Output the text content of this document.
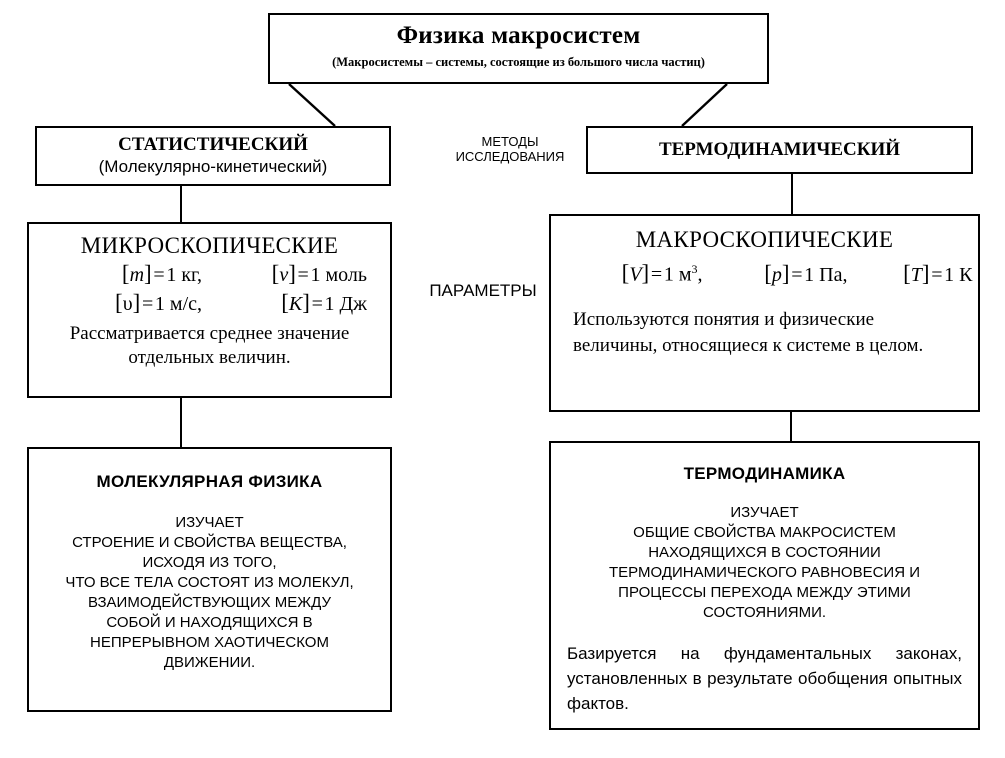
Физика макросистем
(Макросистемы – системы, состоящие из большого числа частиц)
СТАТИСТИЧЕСКИЙ
(Молекулярно-кинетический)
ТЕРМОДИНАМИЧЕСКИЙ
МЕТОДЫ
ИССЛЕДОВАНИЯ
ПАРАМЕТРЫ
МИКРОСКОПИЧЕСКИЕ
[m] = 1 кг,	[ν] = 1 моль
[υ] = 1 м/с,	[K] = 1 Дж
Рассматривается среднее значение
отдельных величин.
МАКРОСКОПИЧЕСКИЕ
[V] = 1 $м^3$,	[p] = 1 Па,	[T] = 1 К
Используются понятия и физические величины, относящиеся к системе в целом.
МОЛЕКУЛЯРНАЯ ФИЗИКА
ИЗУЧАЕТ
СТРОЕНИЕ И СВОЙСТВА ВЕЩЕСТВА,
ИСХОДЯ ИЗ ТОГО,
ЧТО ВСЕ ТЕЛА СОСТОЯТ ИЗ МОЛЕКУЛ,
ВЗАИМОДЕЙСТВУЮЩИХ МЕЖДУ
СОБОЙ И НАХОДЯЩИХСЯ В
НЕПРЕРЫВНОМ ХАОТИЧЕСКОМ
ДВИЖЕНИИ.
ТЕРМОДИНАМИКА
ИЗУЧАЕТ
ОБЩИЕ СВОЙСТВА МАКРОСИСТЕМ
НАХОДЯЩИХСЯ В СОСТОЯНИИ
ТЕРМОДИНАМИЧЕСКОГО РАВНОВЕСИЯ И
ПРОЦЕССЫ ПЕРЕХОДА МЕЖДУ ЭТИМИ
СОСТОЯНИЯМИ.
Базируется на фундаментальных законах, установленных в результате обобщения опытных фактов.
